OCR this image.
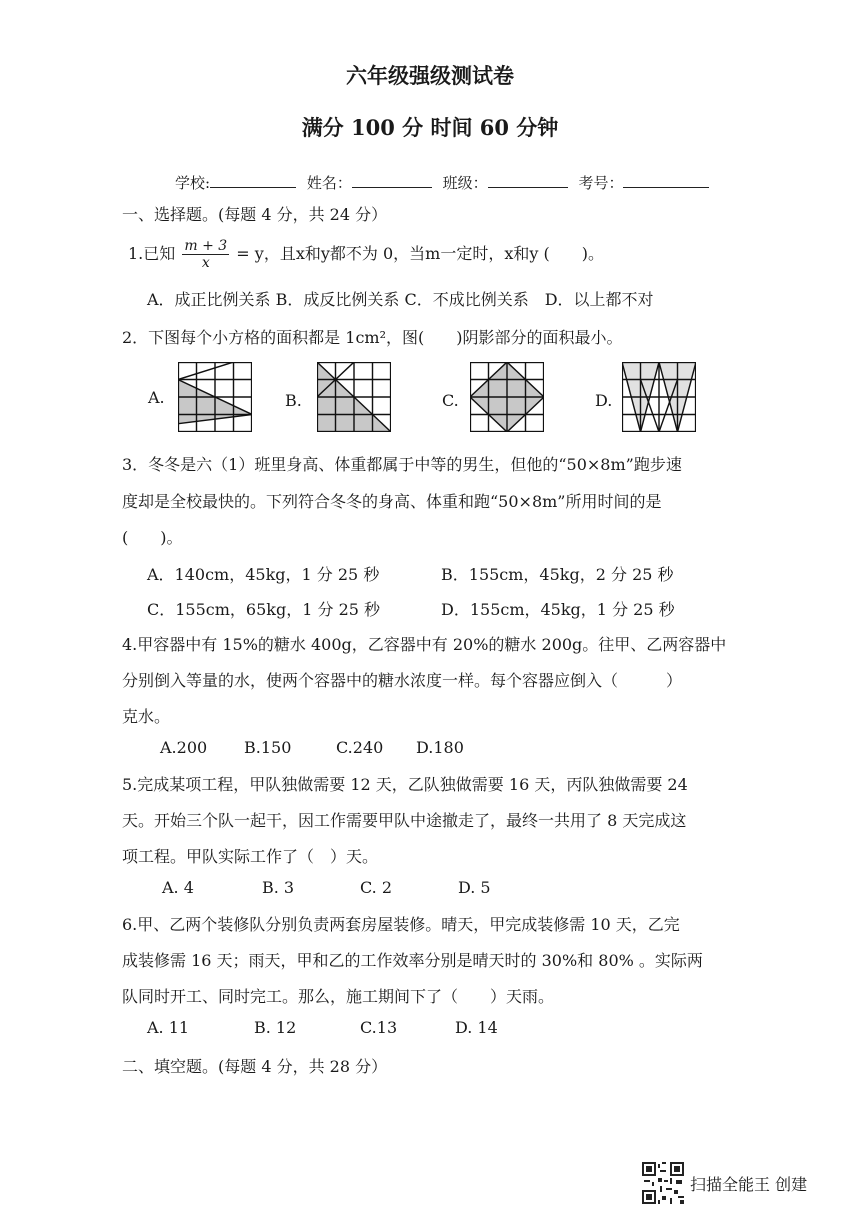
六年级强级测试卷
满分 100 分 时间 60 分钟
学校:	姓名：	班级：	考号：
一、选择题。(每题 4 分，共 24 分）
1.已知 $\frac{m + 3}{x} = y$，且x和y都不为 0，当m一定时，x和y (　　)。
A．成正比例关系 B．成反比例关系 C．不成比例关系　D．以上都不对
2．下图每个小方格的面积都是 1cm²，图(　　)阴影部分的面积最小。
A.	B.	C.	D.
3．冬冬是六（1）班里身高、体重都属于中等的男生，但他的“50×8m”跑步速
度却是全校最快的。下列符合冬冬的身高、体重和跑“50×8m”所用时间的是
(　　)。
A．140cm，45kg，1 分 25 秒	B．155cm，45kg，2 分 25 秒
C．155cm，65kg，1 分 25 秒	D．155cm，45kg，1 分 25 秒
4.甲容器中有 15%的糖水 400g，乙容器中有 20%的糖水 200g。往甲、乙两容器中
分别倒入等量的水，使两个容器中的糖水浓度一样。每个容器应倒入（　　　）
克水。
A.200 B.150	C.240 D.180
5.完成某项工程，甲队独做需要 12 天，乙队独做需要 16 天，丙队独做需要 24
天。开始三个队一起干，因工作需要甲队中途撤走了，最终一共用了 8 天完成这
项工程。甲队实际工作了（　）天。
A. 4	B. 3	C. 2	D. 5
6.甲、乙两个装修队分别负责两套房屋装修。晴天，甲完成装修需 10 天，乙完
成装修需 16 天；雨天，甲和乙的工作效率分别是晴天时的 30%和 80% 。实际两
队同时开工、同时完工。那么，施工期间下了（　　）天雨。
A. 11	B. 12	C.13	D. 14
二、填空题。(每题 4 分，共 28 分）
扫描全能王 创建
